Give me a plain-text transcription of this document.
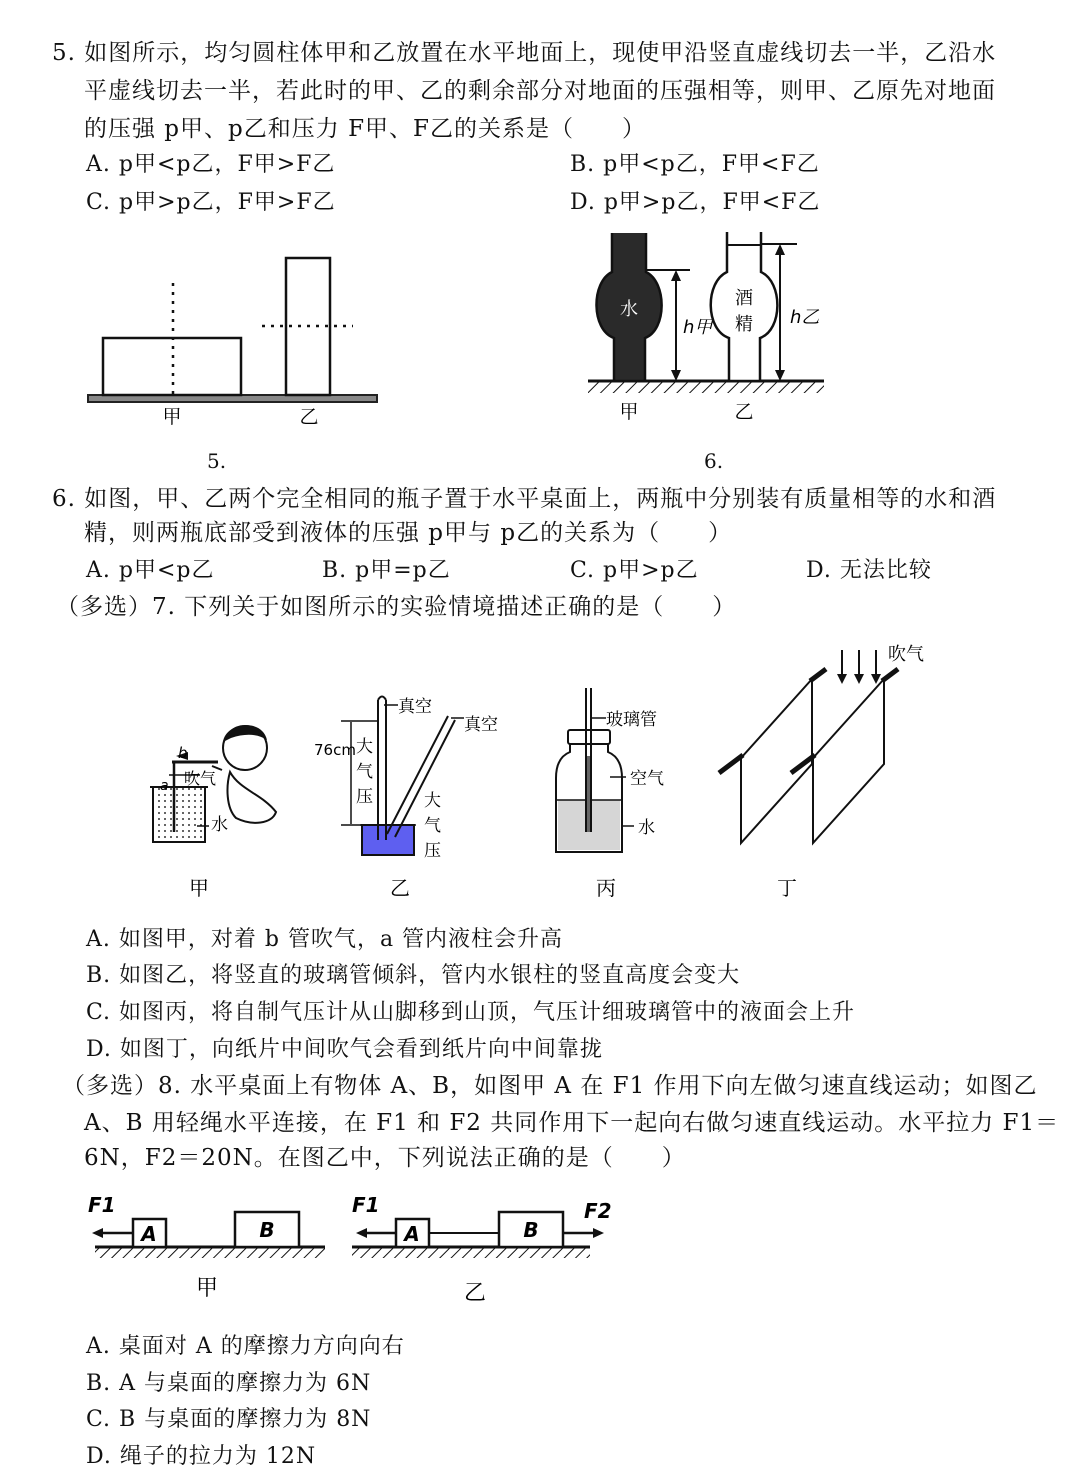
5. 如图所示，均匀圆柱体甲和乙放置在水平地面上，现使甲沿竖直虚线切去一半，乙沿水
平虚线切去一半，若此时的甲、乙的剩余部分对地面的压强相等，则甲、乙原先对地面
的压强 p甲、p乙和压力 F甲、F乙的关系是（　　）
A. p甲<p乙，F甲>F乙	B. p甲<p乙，F甲<F乙
C. p甲>p乙，F甲>F乙	D. p甲>p乙，F甲<F乙
甲	乙
5.
水
h甲
酒
精 h乙
甲	乙
6.
6. 如图，甲、乙两个完全相同的瓶子置于水平桌面上，两瓶中分别装有质量相等的水和酒
精，则两瓶底部受到液体的压强 p甲与 p乙的关系为（　　）
A. p甲<p乙	B. p甲=p乙	C. p甲>p乙	D. 无法比较
（多选）7. 下列关于如图所示的实验情境描述正确的是（　　）
b
a 吹气
水
真空
真空
76cm 大
气
压	大
气
压
玻璃管
空气
水
吹气
甲	乙	丙	丁
A. 如图甲，对着 b 管吹气，a 管内液柱会升高
B. 如图乙，将竖直的玻璃管倾斜，管内水银柱的竖直高度会变大
C. 如图丙，将自制气压计从山脚移到山顶，气压计细玻璃管中的液面会上升
D. 如图丁，向纸片中间吹气会看到纸片向中间靠拢
（多选）8. 水平桌面上有物体 A、B，如图甲 A 在 F1 作用下向左做匀速直线运动；如图乙
A、B 用轻绳水平连接，在 F1 和 F2 共同作用下一起向右做匀速直线运动。水平拉力 F1＝
6N，F2＝20N。在图乙中，下列说法正确的是（　　）
A	B
F1
甲
A	B
F1	F2
乙
A. 桌面对 A 的摩擦力方向向右
B. A 与桌面的摩擦力为 6N
C. B 与桌面的摩擦力为 8N
D. 绳子的拉力为 12N
